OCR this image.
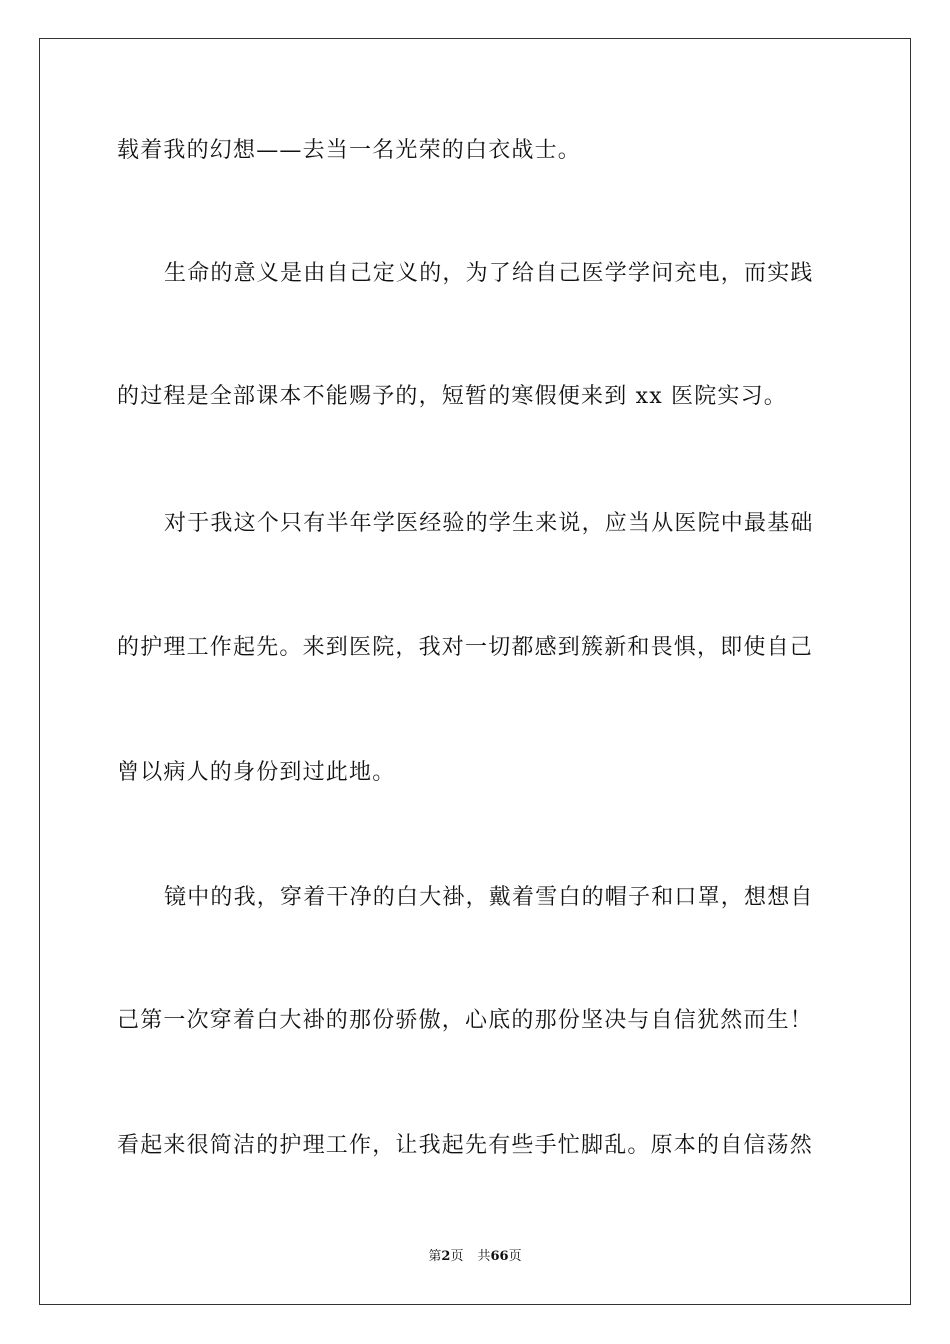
载着我的幻想——去当一名光荣的白衣战士。
生命的意义是由自己定义的，为了给自己医学学问充电，而实践
的过程是全部课本不能赐予的，短暂的寒假便来到 xx 医院实习。
对于我这个只有半年学医经验的学生来说，应当从医院中最基础
的护理工作起先。来到医院，我对一切都感到簇新和畏惧，即使自己
曾以病人的身份到过此地。
镜中的我，穿着干净的白大褂，戴着雪白的帽子和口罩，想想自
己第一次穿着白大褂的那份骄傲，心底的那份坚决与自信犹然而生！
看起来很简洁的护理工作，让我起先有些手忙脚乱。原本的自信荡然
第2页 共66页
